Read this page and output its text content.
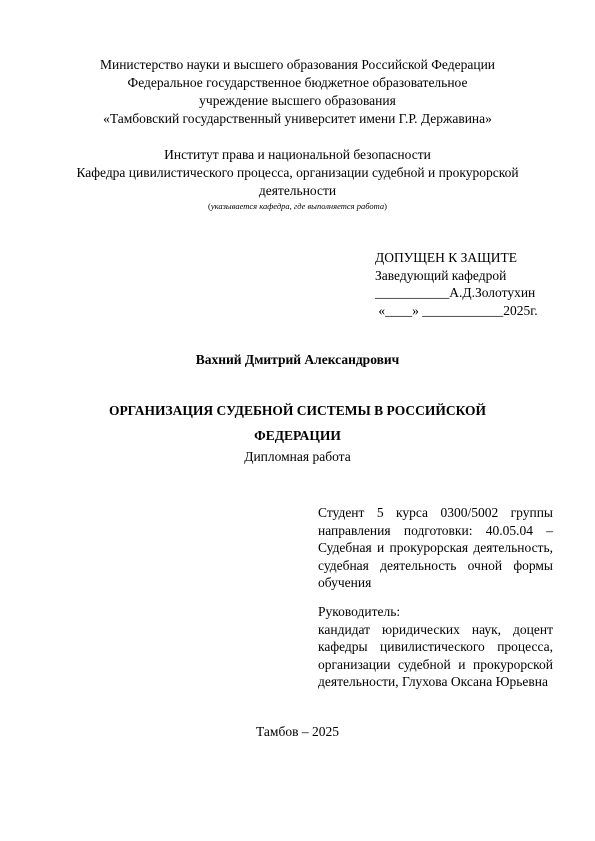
Министерство науки и высшего образования Российской Федерации
Федеральное государственное бюджетное образовательное
учреждение высшего образования
«Тамбовский государственный университет имени Г.Р. Державина»
Институт права и национальной безопасности
Кафедра цивилистического процесса, организации судебной и прокурорской деятельности
(указывается кафедра, где выполняется работа)
ДОПУЩЕН К ЗАЩИТЕ
Заведующий кафедрой
___________А.Д.Золотухин
«____» ____________2025г.
Вахний Дмитрий Александрович
ОРГАНИЗАЦИЯ СУДЕБНОЙ СИСТЕМЫ В РОССИЙСКОЙ ФЕДЕРАЦИИ
Дипломная работа
Студент 5 курса 0300/5002 группы направления подготовки: 40.05.04 – Судебная и прокурорская деятельность, судебная деятельность очной формы обучения
Руководитель:
кандидат юридических наук, доцент кафедры цивилистического процесса, организации судебной и прокурорской деятельности, Глухова Оксана Юрьевна
Тамбов – 2025
